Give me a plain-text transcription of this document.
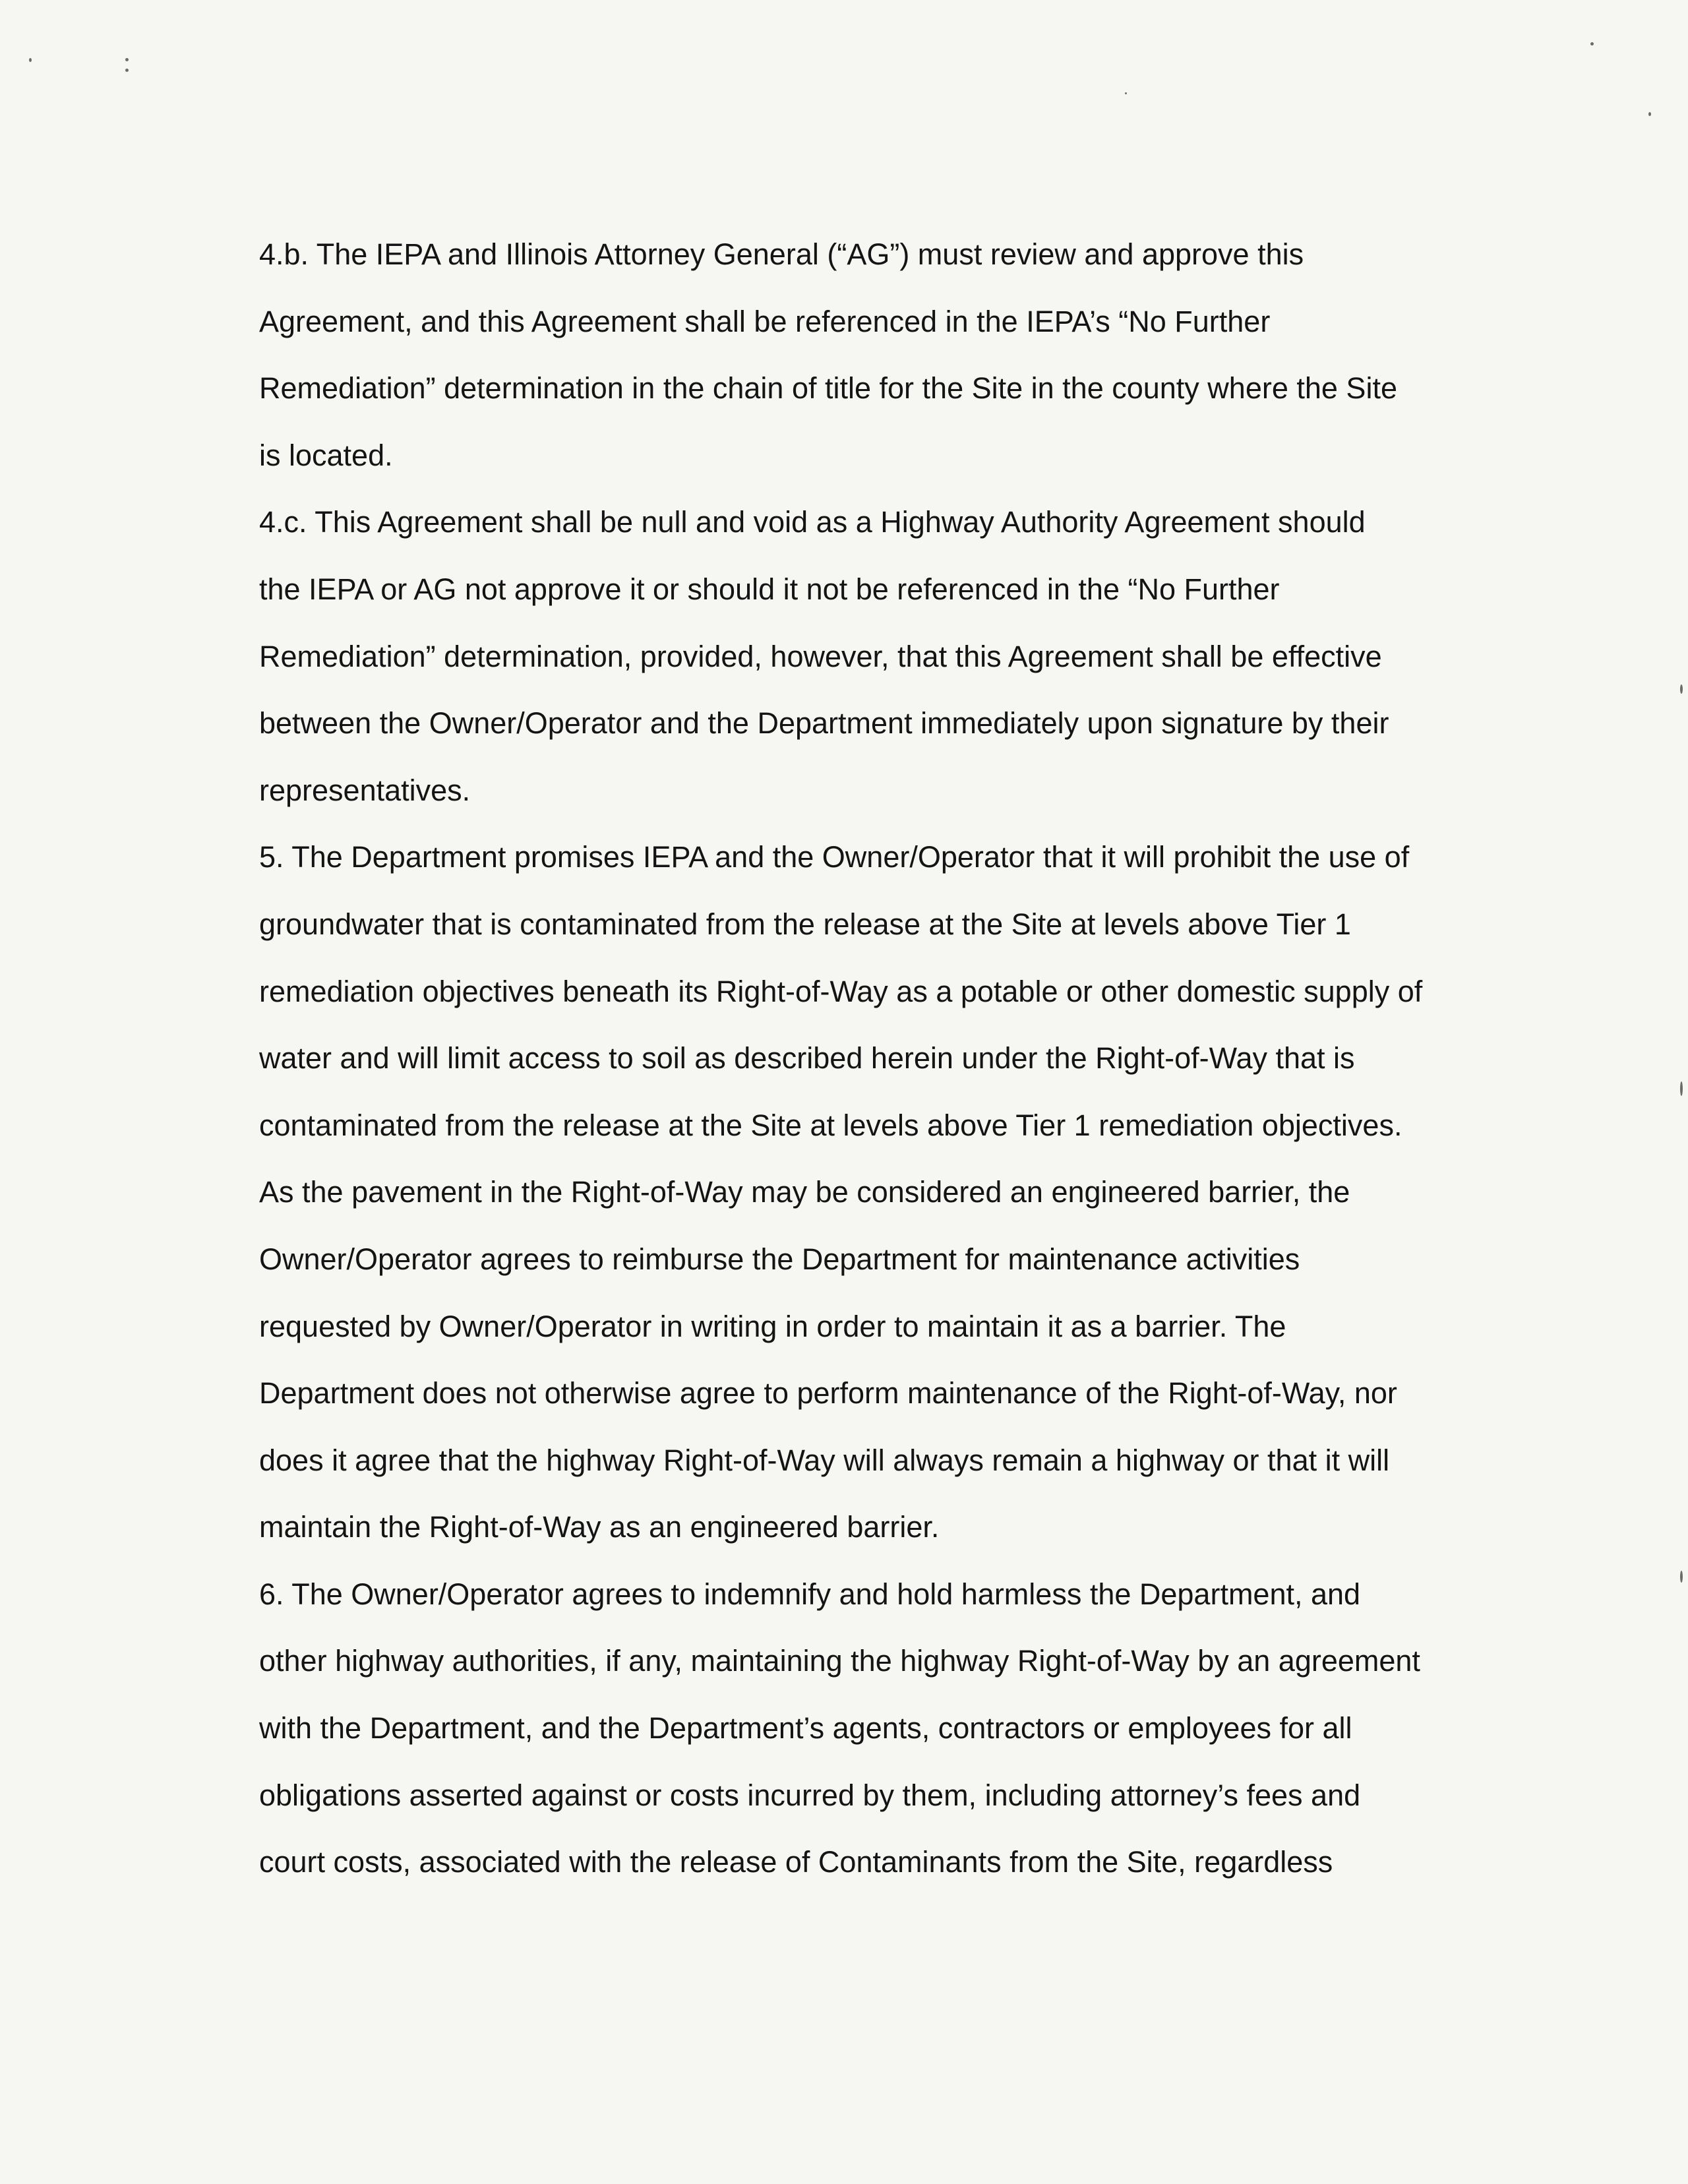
4.b. The IEPA and Illinois Attorney General (“AG”) must review and approve this
Agreement, and this Agreement shall be referenced in the IEPA’s “No Further
Remediation” determination in the chain of title for the Site in the county where the Site
is located.

4.c. This Agreement shall be null and void as a Highway Authority Agreement should
the IEPA or AG not approve it or should it not be referenced in the “No Further
Remediation” determination, provided, however, that this Agreement shall be effective
between the Owner/Operator and the Department immediately upon signature by their
representatives.

5. The Department promises IEPA and the Owner/Operator that it will prohibit the use of
groundwater that is contaminated from the release at the Site at levels above Tier 1
remediation objectives beneath its Right-of-Way as a potable or other domestic supply of
water and will limit access to soil as described herein under the Right-of-Way that is
contaminated from the release at the Site at levels above Tier 1 remediation objectives.
As the pavement in the Right-of-Way may be considered an engineered barrier, the
Owner/Operator agrees to reimburse the Department for maintenance activities
requested by Owner/Operator in writing in order to maintain it as a barrier. The
Department does not otherwise agree to perform maintenance of the Right-of-Way, nor
does it agree that the highway Right-of-Way will always remain a highway or that it will
maintain the Right-of-Way as an engineered barrier.

6. The Owner/Operator agrees to indemnify and hold harmless the Department, and
other highway authorities, if any, maintaining the highway Right-of-Way by an agreement
with the Department, and the Department’s agents, contractors or employees for all
obligations asserted against or costs incurred by them, including attorney’s fees and
court costs, associated with the release of Contaminants from the Site, regardless
